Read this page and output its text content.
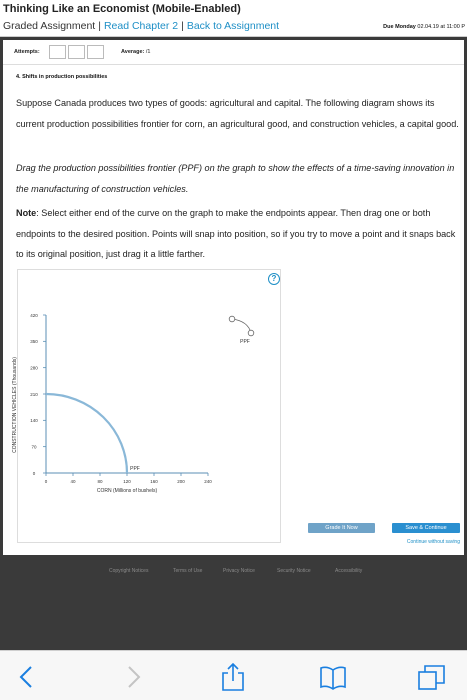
Thinking Like an Economist (Mobile-Enabled)
Graded Assignment | Read Chapter 2 | Back to Assignment	Due Monday 02.04.19 at 11:00 P
Attempts:	Average: /1
4. Shifts in production possibilities
Suppose Canada produces two types of goods: agricultural and capital. The following diagram shows its current production possibilities frontier for corn, an agricultural good, and construction vehicles, a capital good.
Drag the production possibilities frontier (PPF) on the graph to show the effects of a time-saving innovation in the manufacturing of construction vehicles.
Note: Select either end of the curve on the graph to make the endpoints appear. Then drag one or both endpoints to the desired position. Points will snap into position, so if you try to move a point and it snaps back to its original position, just drag it a little farther.
?
0
70
140
210
280
350
420
0	40	80	120	160	200	240
CONSTRUCTION VEHICLES (Thousands)
CORN (Millions of bushels)
PPF
PPF
Grade It Now	Save & Continue
Continue without saving
Copyright Notices	Terms of Use	Privacy Notice	Security Notice	Accessibility
